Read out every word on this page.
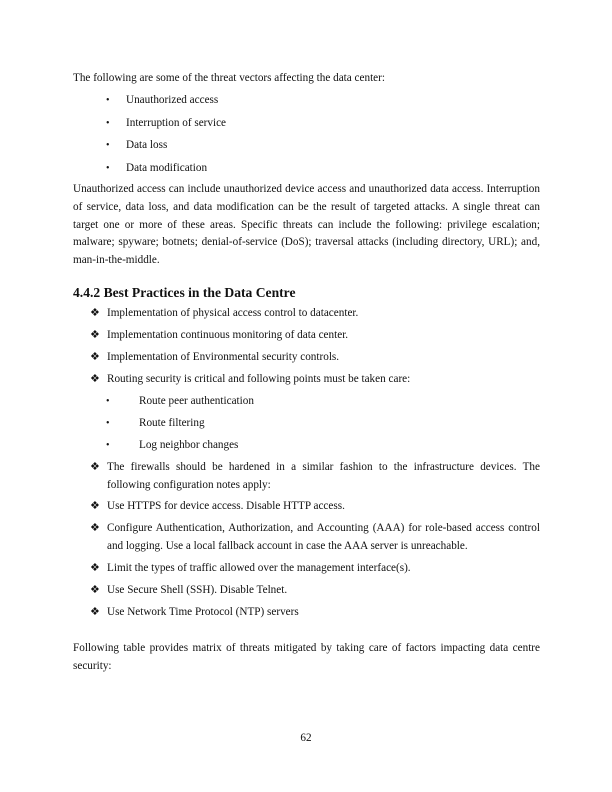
The following are some of the threat vectors affecting the data center:

• Unauthorized access
• Interruption of service
• Data loss
• Data modification

Unauthorized access can include unauthorized device access and unauthorized data access. Interruption of service, data loss, and data modification can be the result of targeted attacks. A single threat can target one or more of these areas. Specific threats can include the following: privilege escalation; malware; spyware; botnets; denial-of-service (DoS); traversal attacks (including directory, URL); and, man-in-the-middle.

4.4.2 Best Practices in the Data Centre
❖ Implementation of physical access control to datacenter.
❖ Implementation continuous monitoring of data center.
❖ Implementation of Environmental security controls.
❖ Routing security is critical and following points must be taken care:
•	Route peer authentication
•	Route filtering
•	Log neighbor changes
❖ The firewalls should be hardened in a similar fashion to the infrastructure devices. The following configuration notes apply:
❖ Use HTTPS for device access. Disable HTTP access.
❖ Configure Authentication, Authorization, and Accounting (AAA) for role-based access control and logging. Use a local fallback account in case the AAA server is unreachable.
❖ Limit the types of traffic allowed over the management interface(s).
❖ Use Secure Shell (SSH). Disable Telnet.
❖ Use Network Time Protocol (NTP) servers

Following table provides matrix of threats mitigated by taking care of factors impacting data centre security:

62
